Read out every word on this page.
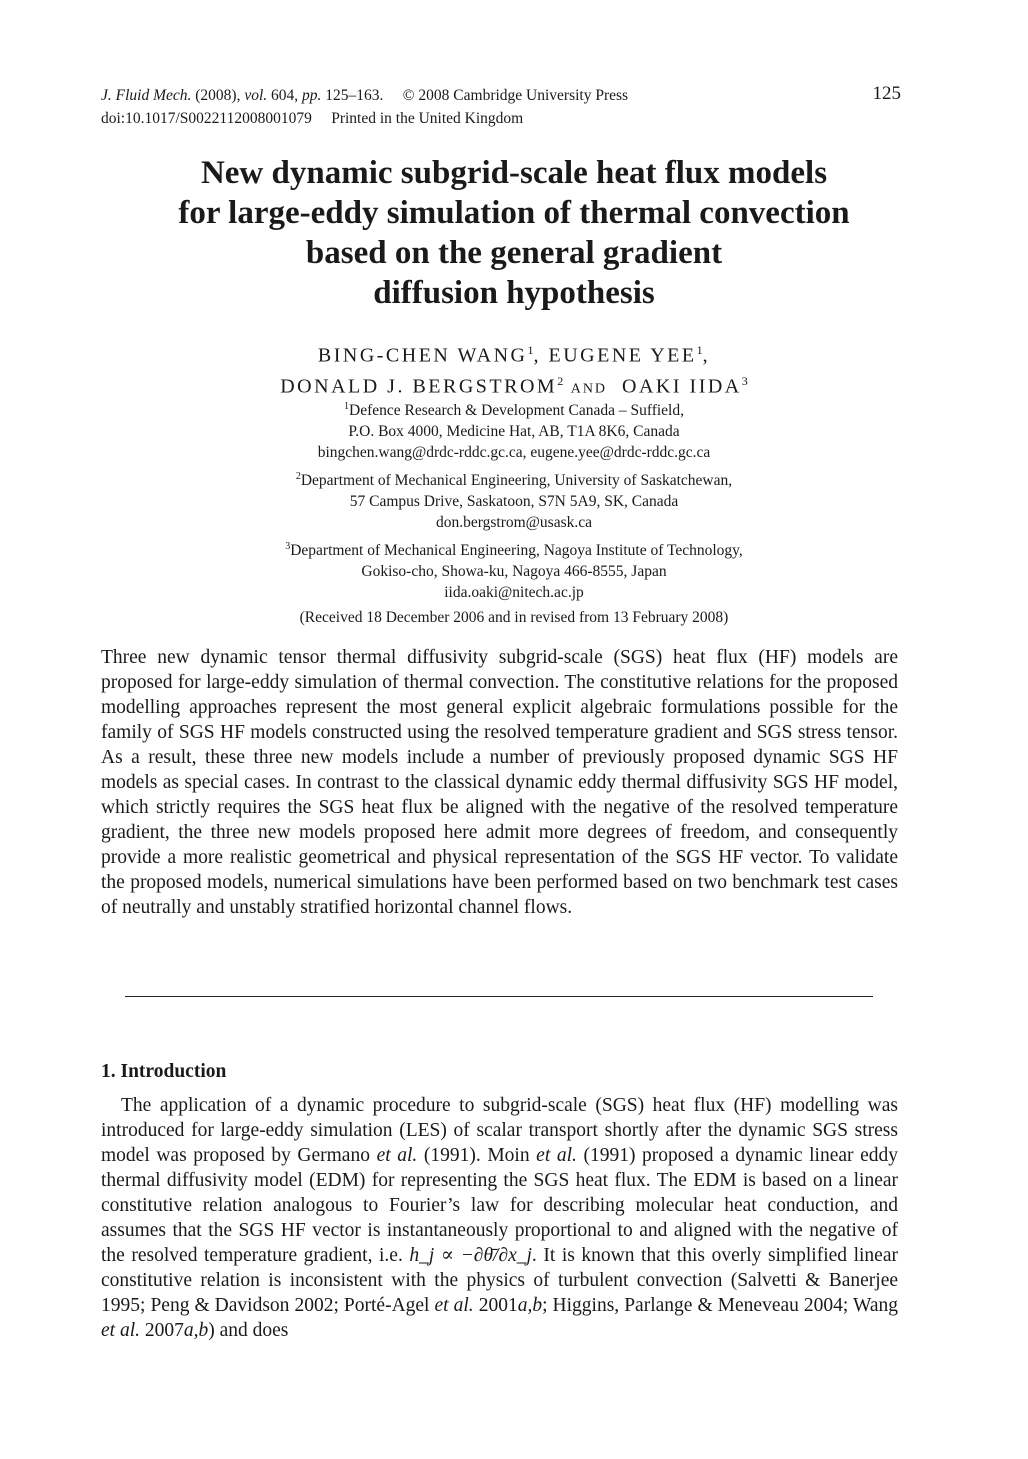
J. Fluid Mech. (2008), vol. 604, pp. 125–163. © 2008 Cambridge University Press
doi:10.1017/S0022112008001079 Printed in the United Kingdom
125
New dynamic subgrid-scale heat flux models
for large-eddy simulation of thermal convection
based on the general gradient
diffusion hypothesis
BING-CHEN WANG$^1$, EUGENE YEE$^1$,
DONALD J. BERGSTROM$^2$ AND OAKI IIDA$^3$
$^1$Defence Research & Development Canada – Suffield,
P.O. Box 4000, Medicine Hat, AB, T1A 8K6, Canada
bingchen.wang@drdc-rddc.gc.ca, eugene.yee@drdc-rddc.gc.ca
$^2$Department of Mechanical Engineering, University of Saskatchewan,
57 Campus Drive, Saskatoon, S7N 5A9, SK, Canada
don.bergstrom@usask.ca
$^3$Department of Mechanical Engineering, Nagoya Institute of Technology,
Gokiso-cho, Showa-ku, Nagoya 466-8555, Japan
iida.oaki@nitech.ac.jp
(Received 18 December 2006 and in revised from 13 February 2008)
Three new dynamic tensor thermal diffusivity subgrid-scale (SGS) heat flux (HF) models are proposed for large-eddy simulation of thermal convection. The constitutive relations for the proposed modelling approaches represent the most general explicit algebraic formulations possible for the family of SGS HF models constructed using the resolved temperature gradient and SGS stress tensor. As a result, these three new models include a number of previously proposed dynamic SGS HF models as special cases. In contrast to the classical dynamic eddy thermal diffusivity SGS HF model, which strictly requires the SGS heat flux be aligned with the negative of the resolved temperature gradient, the three new models proposed here admit more degrees of freedom, and consequently provide a more realistic geometrical and physical representation of the SGS HF vector. To validate the proposed models, numerical simulations have been performed based on two benchmark test cases of neutrally and unstably stratified horizontal channel flows.
1. Introduction
The application of a dynamic procedure to subgrid-scale (SGS) heat flux (HF) modelling was introduced for large-eddy simulation (LES) of scalar transport shortly after the dynamic SGS stress model was proposed by Germano et al. (1991). Moin et al. (1991) proposed a dynamic linear eddy thermal diffusivity model (EDM) for representing the SGS heat flux. The EDM is based on a linear constitutive relation analogous to Fourier’s law for describing molecular heat conduction, and assumes that the SGS HF vector is instantaneously proportional to and aligned with the negative of the resolved temperature gradient, i.e. h_j ∝ −∂θ̄/∂x_j. It is known that this overly simplified linear constitutive relation is inconsistent with the physics of turbulent convection (Salvetti & Banerjee 1995; Peng & Davidson 2002; Porté-Agel et al. 2001a,b; Higgins, Parlange & Meneveau 2004; Wang et al. 2007a,b) and does
